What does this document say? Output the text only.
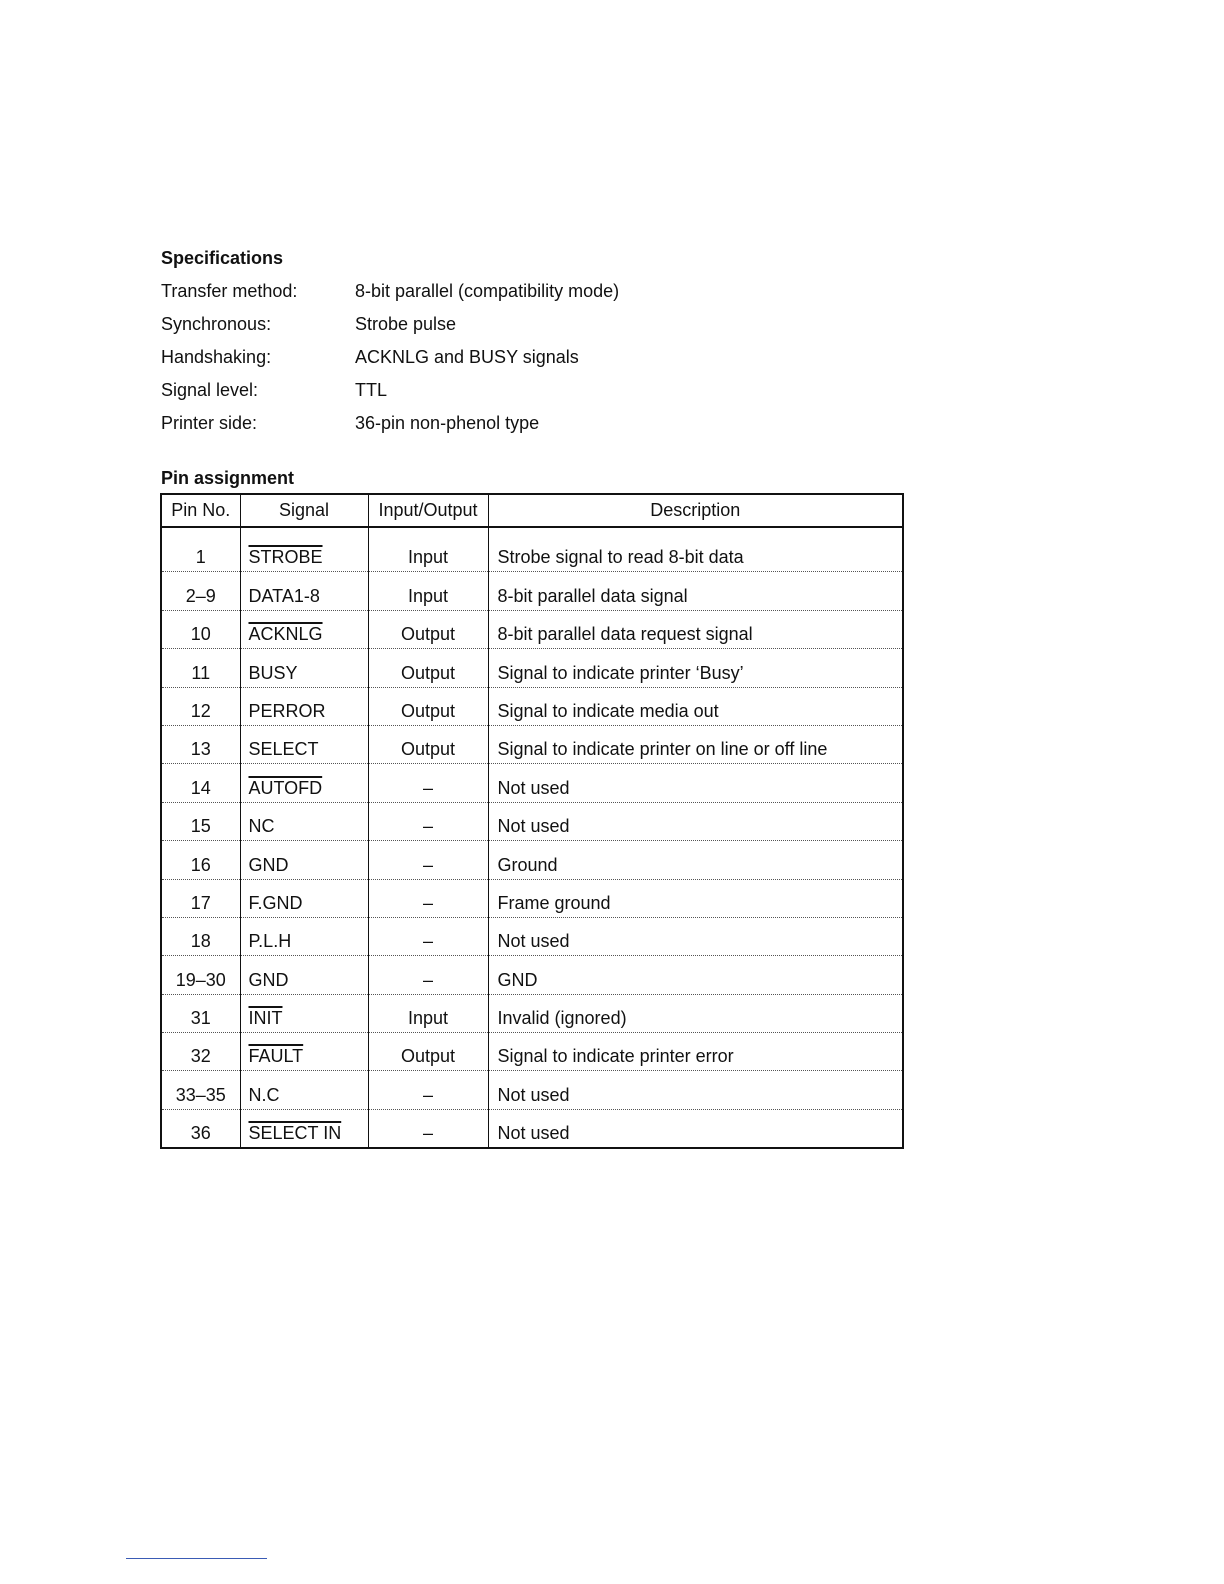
Specifications
Transfer method:	8-bit parallel (compatibility mode)
Synchronous:	Strobe pulse
Handshaking:	ACKNLG and BUSY signals
Signal level:	TTL
Printer side:	36-pin non-phenol type
Pin assignment
Pin No.	Signal	Input/Output	Description
1	STROBE	Input	Strobe signal to read 8-bit data
2–9	DATA1-8	Input	8-bit parallel data signal
10	ACKNLG	Output	8-bit parallel data request signal
11	BUSY	Output	Signal to indicate printer ‘Busy’
12	PERROR	Output	Signal to indicate media out
13	SELECT	Output	Signal to indicate printer on line or off line
14	AUTOFD	–	Not used
15	NC	–	Not used
16	GND	–	Ground
17	F.GND	–	Frame ground
18	P.L.H	–	Not used
19–30	GND	–	GND
31	INIT	Input	Invalid (ignored)
32	FAULT	Output	Signal to indicate printer error
33–35	N.C	–	Not used
36	SELECT IN	–	Not used
